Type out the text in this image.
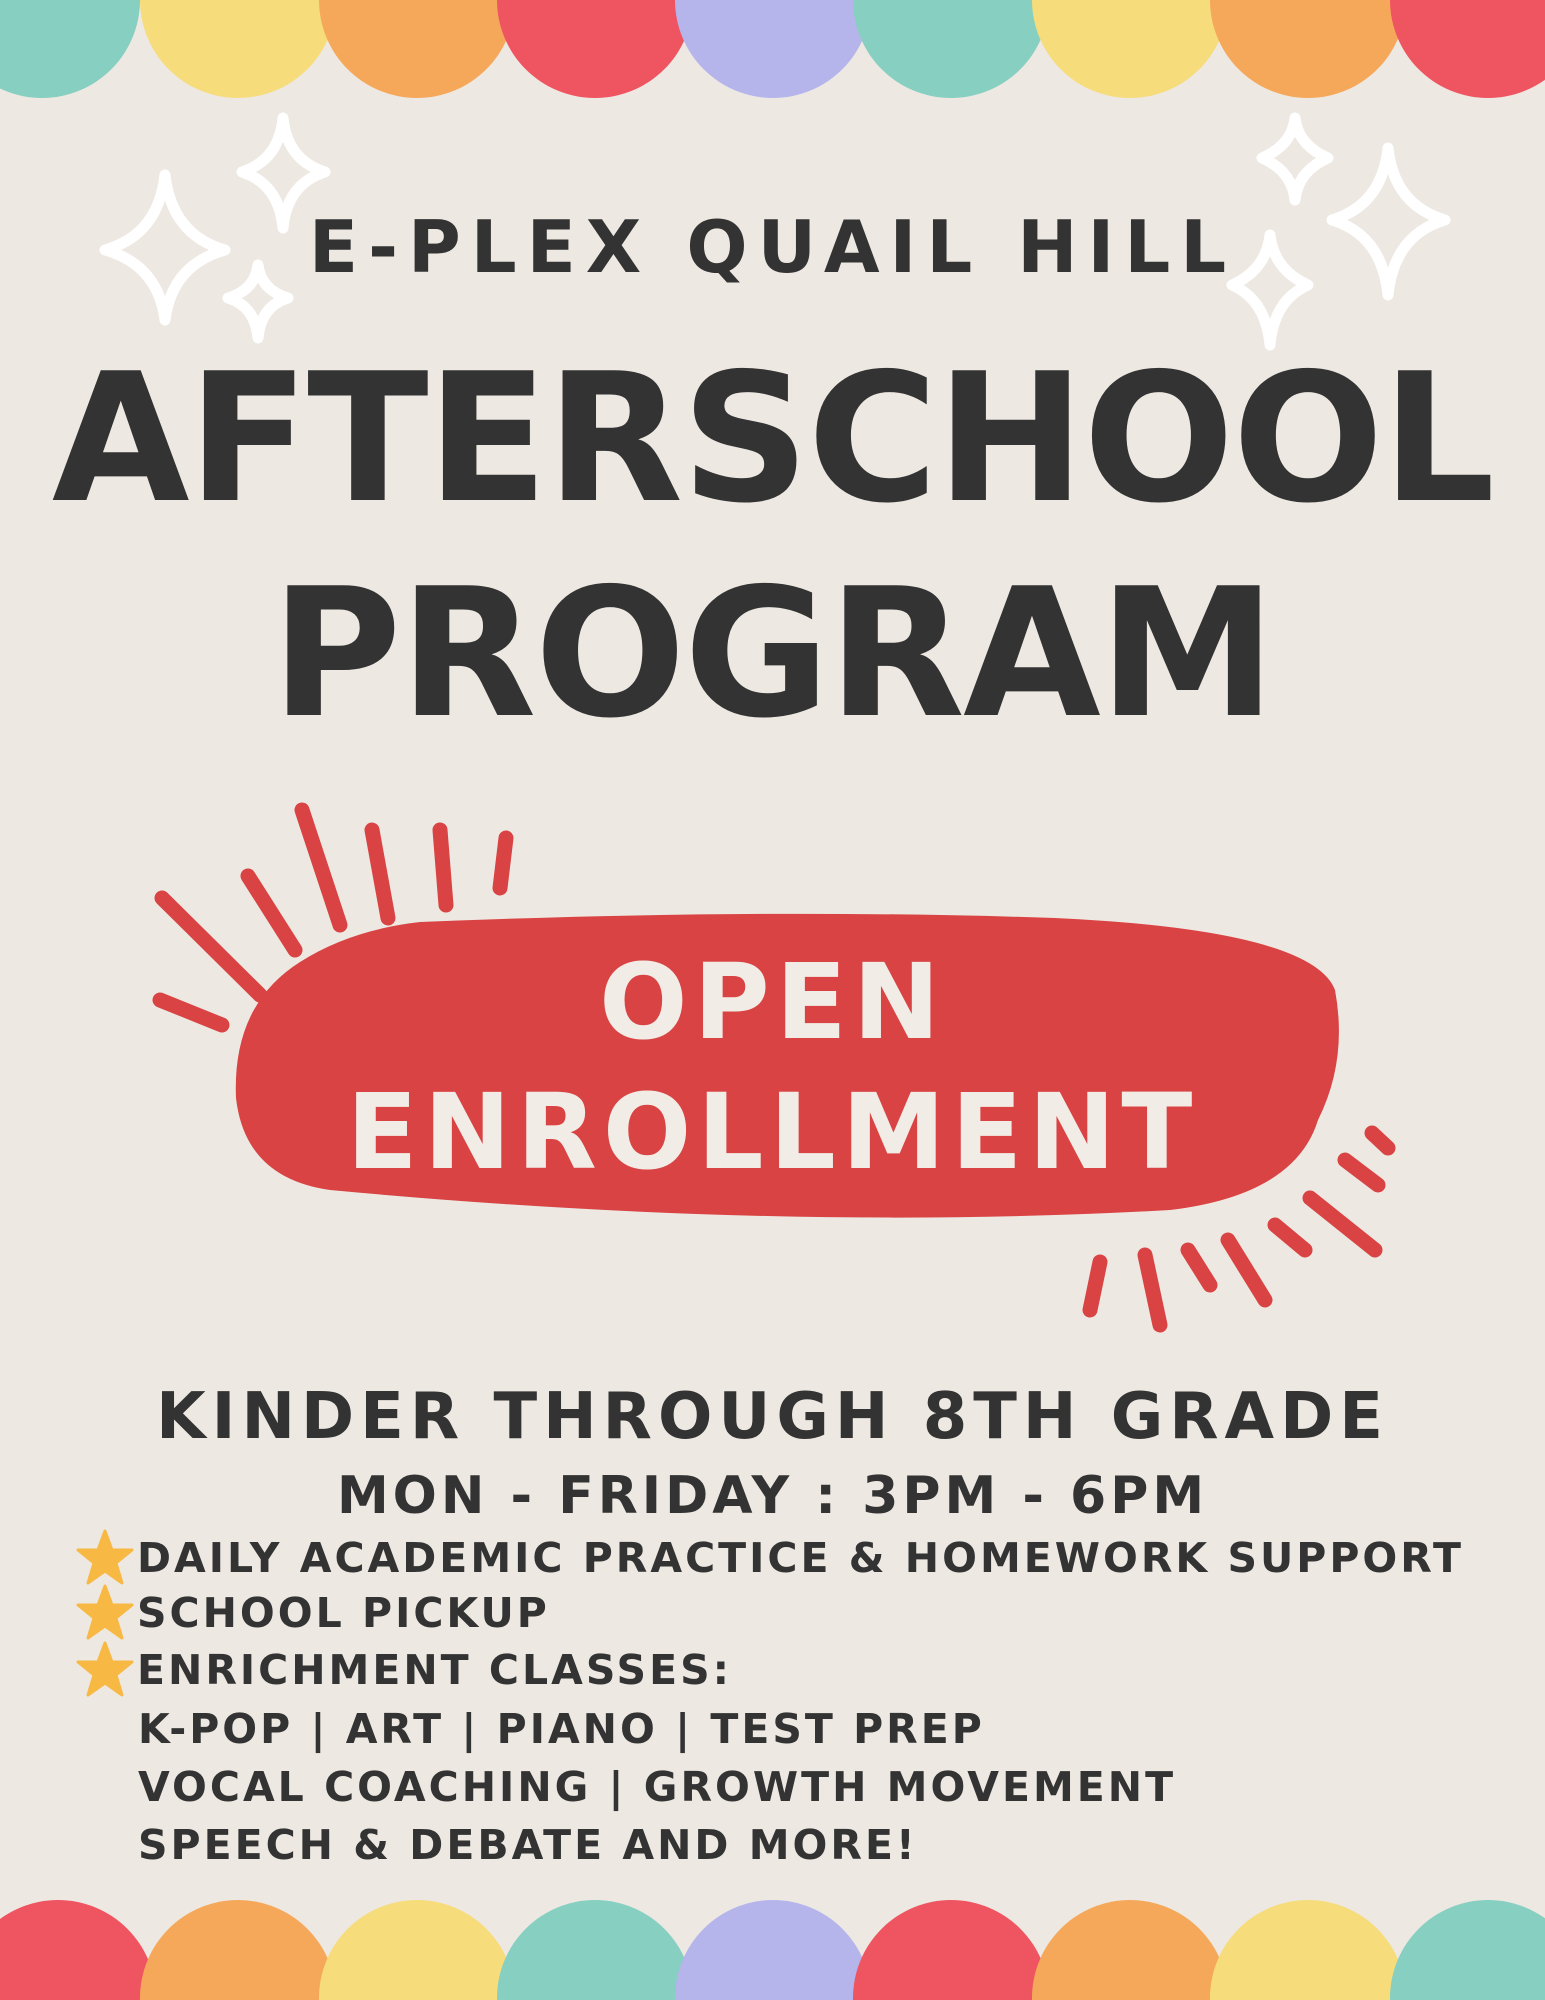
E-PLEX QUAIL HILL
AFTERSCHOOL
PROGRAM
OPEN
ENROLLMENT
KINDER THROUGH 8TH GRADE
MON - FRIDAY : 3PM - 6PM
DAILY ACADEMIC PRACTICE & HOMEWORK SUPPORT
SCHOOL PICKUP
ENRICHMENT CLASSES:
K-POP | ART | PIANO | TEST PREP
VOCAL COACHING | GROWTH MOVEMENT
SPEECH & DEBATE AND MORE!
